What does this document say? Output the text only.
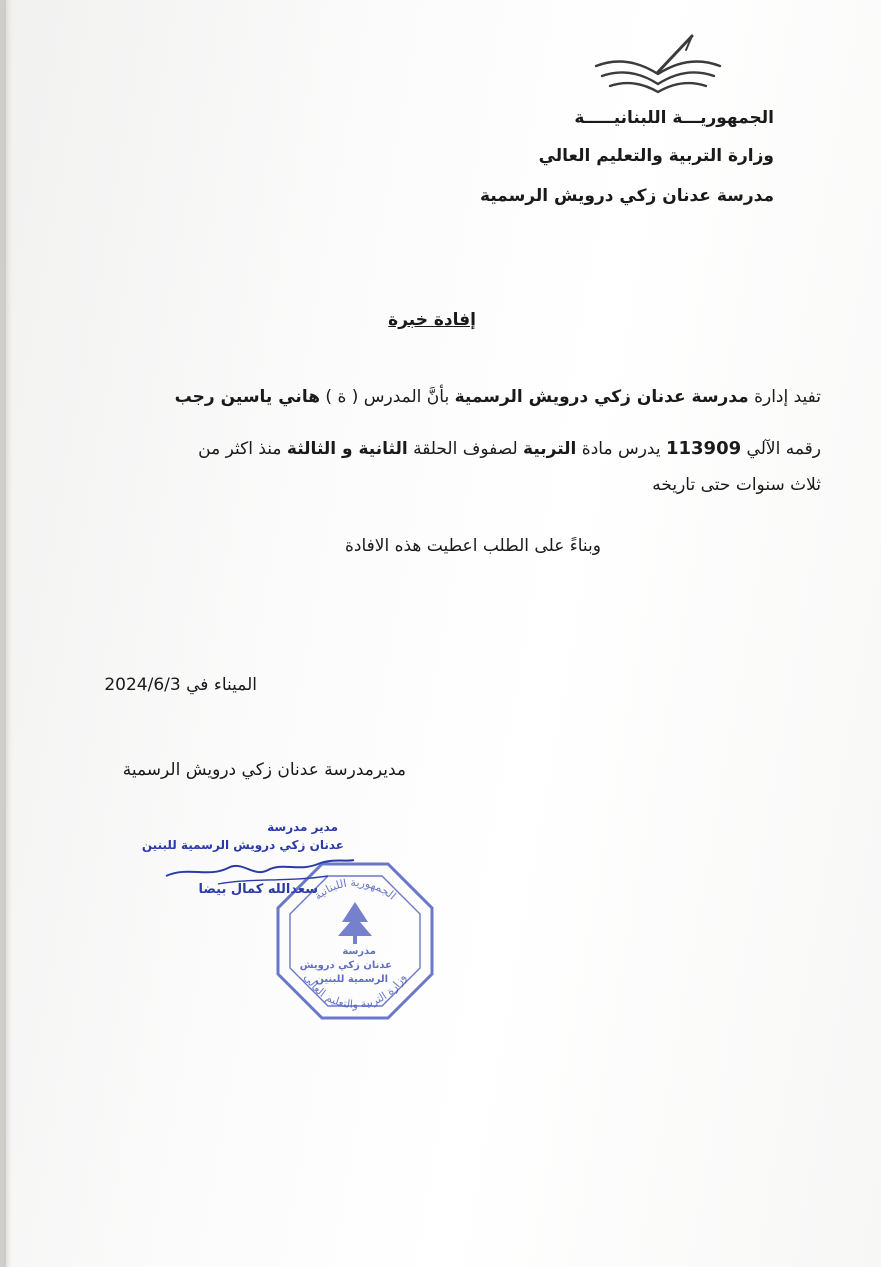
الجمهوريـــة اللبنانيـــــة
وزارة التربية والتعليم العالي
مدرسة عدنان زكي درويش الرسمية
إفادة خبرة
تفيد إدارة مدرسة عدنان زكي درويش الرسمية بأنَّ المدرس ( ة ) هاني ياسين رجب
رقمه الآلي 113909 يدرس مادة التربية لصفوف الحلقة الثانية و الثالثة منذ اكثر من
ثلاث سنوات حتى تاريخه
وبناءً على الطلب اعطيت هذه الافادة
الميناء في 2024/6/3
مديرمدرسة عدنان زكي درويش الرسمية
مدير مدرسة
عدنان زكي درويش الرسمية للبنين
سعدالله كمال بيضا
الجمهورية اللبنانية
وزارة التربية والتعليم العالي
مدرسة
عدنان زكي درويش
الرسمية للبنين
